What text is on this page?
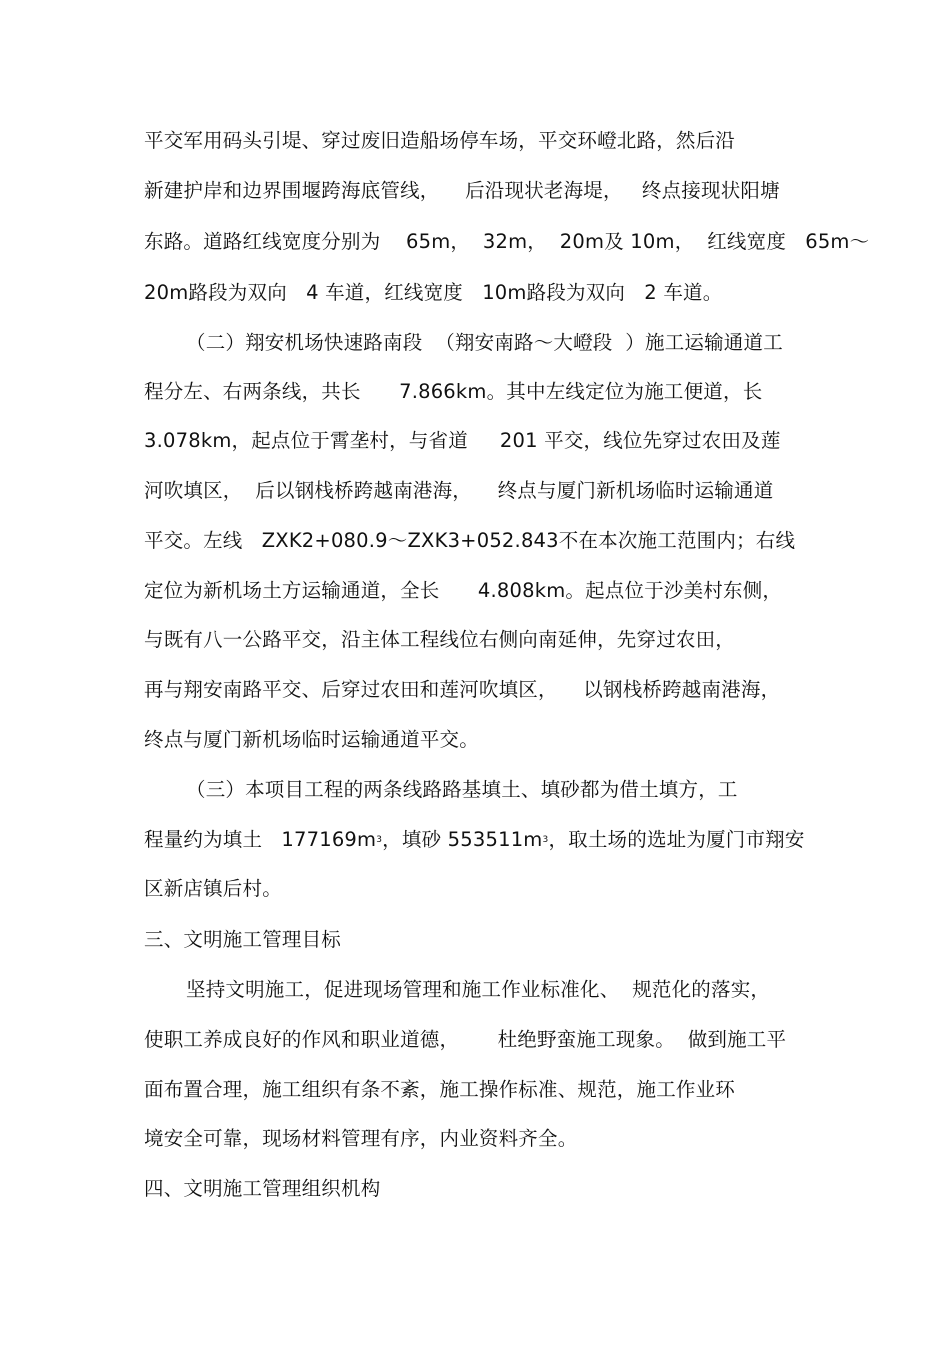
平交军用码头引堤、穿过废旧造船场停车场，平交环嶝北路，然后沿
新建护岸和边界围堰跨海底管线，    后沿现状老海堤，   终点接现状阳塘
东路。道路红线宽度分别为    65m，  32m，  20m及 10m，  红线宽度   65m～
20m路段为双向   4 车道，红线宽度   10m路段为双向   2 车道。
（二）翔安机场快速路南段  （翔安南路～大嶝段  ）施工运输通道工
程分左、右两条线，共长      7.866km。其中左线定位为施工便道，长
3.078km，起点位于霄垄村，与省道     201 平交，线位先穿过农田及莲
河吹填区，  后以钢栈桥跨越南港海，    终点与厦门新机场临时运输通道
平交。左线   ZXK2+080.9～ZXK3+052.843不在本次施工范围内；右线
定位为新机场土方运输通道，全长      4.808km。起点位于沙美村东侧，
与既有八一公路平交，沿主体工程线位右侧向南延伸，先穿过农田，
再与翔安南路平交、后穿过农田和莲河吹填区，    以钢栈桥跨越南港海，
终点与厦门新机场临时运输通道平交。
（三）本项目工程的两条线路路基填土、填砂都为借土填方，工
程量约为填土   $177169m^3$，填砂 $553511m^3$，取土场的选址为厦门市翔安
区新店镇后村。
三、文明施工管理目标
坚持文明施工，促进现场管理和施工作业标准化、  规范化的落实，
使职工养成良好的作风和职业道德，      杜绝野蛮施工现象。  做到施工平
面布置合理，施工组织有条不紊，施工操作标准、规范，施工作业环
境安全可靠，现场材料管理有序，内业资料齐全。
四、文明施工管理组织机构
